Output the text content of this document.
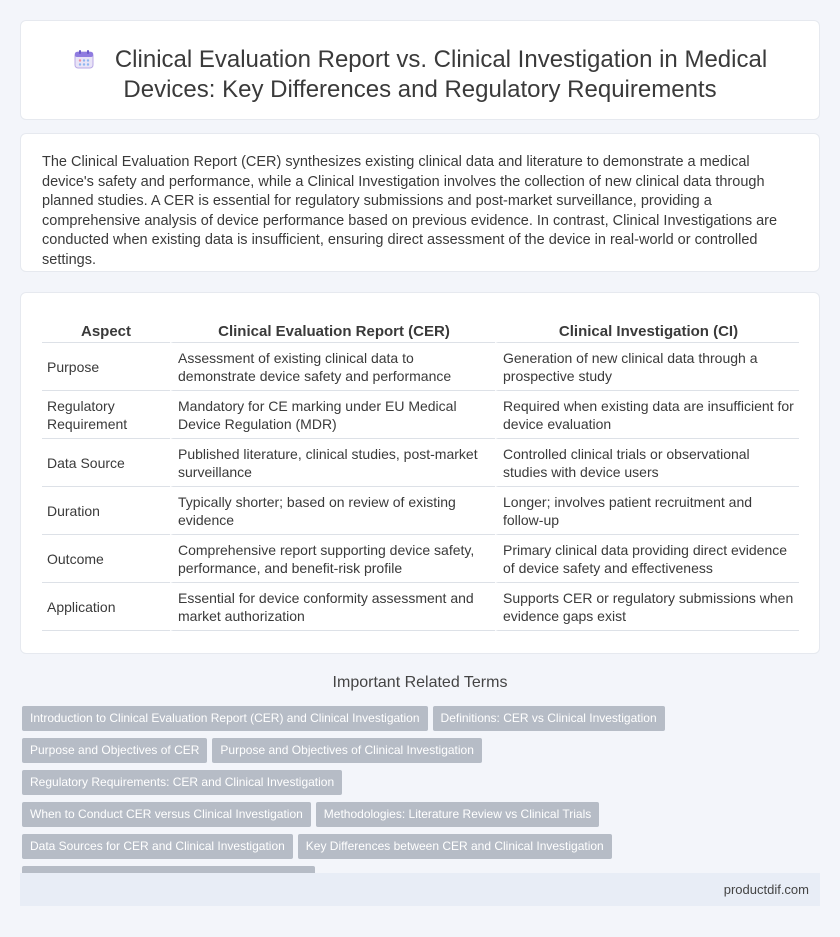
Clinical Evaluation Report vs. Clinical Investigation in Medical Devices: Key Differences and Regulatory Requirements

The Clinical Evaluation Report (CER) synthesizes existing clinical data and literature to demonstrate a medical device's safety and performance, while a Clinical Investigation involves the collection of new clinical data through planned studies. A CER is essential for regulatory submissions and post-market surveillance, providing a comprehensive analysis of device performance based on previous evidence. In contrast, Clinical Investigations are conducted when existing data is insufficient, ensuring direct assessment of the device in real-world or controlled settings.

Aspect	Clinical Evaluation Report (CER)	Clinical Investigation (CI)
Purpose	Assessment of existing clinical data to demonstrate device safety and performance	Generation of new clinical data through a prospective study
Regulatory Requirement	Mandatory for CE marking under EU Medical Device Regulation (MDR)	Required when existing data are insufficient for device evaluation
Data Source	Published literature, clinical studies, post-market surveillance	Controlled clinical trials or observational studies with device users
Duration	Typically shorter; based on review of existing evidence	Longer; involves patient recruitment and follow-up
Outcome	Comprehensive report supporting device safety, performance, and benefit-risk profile	Primary clinical data providing direct evidence of device safety and effectiveness
Application	Essential for device conformity assessment and market authorization	Supports CER or regulatory submissions when evidence gaps exist
Important Related Terms
Introduction to Clinical Evaluation Report (CER) and Clinical Investigation Definitions: CER vs Clinical Investigation
Purpose and Objectives of CER Purpose and Objectives of Clinical InvestigationRegulatory Requirements: CER and Clinical Investigation
When to Conduct CER versus Clinical Investigation Methodologies: Literature Review vs Clinical Trials
Data Sources for CER and Clinical Investigation Key Differences between CER and Clinical Investigation

productdif.com
